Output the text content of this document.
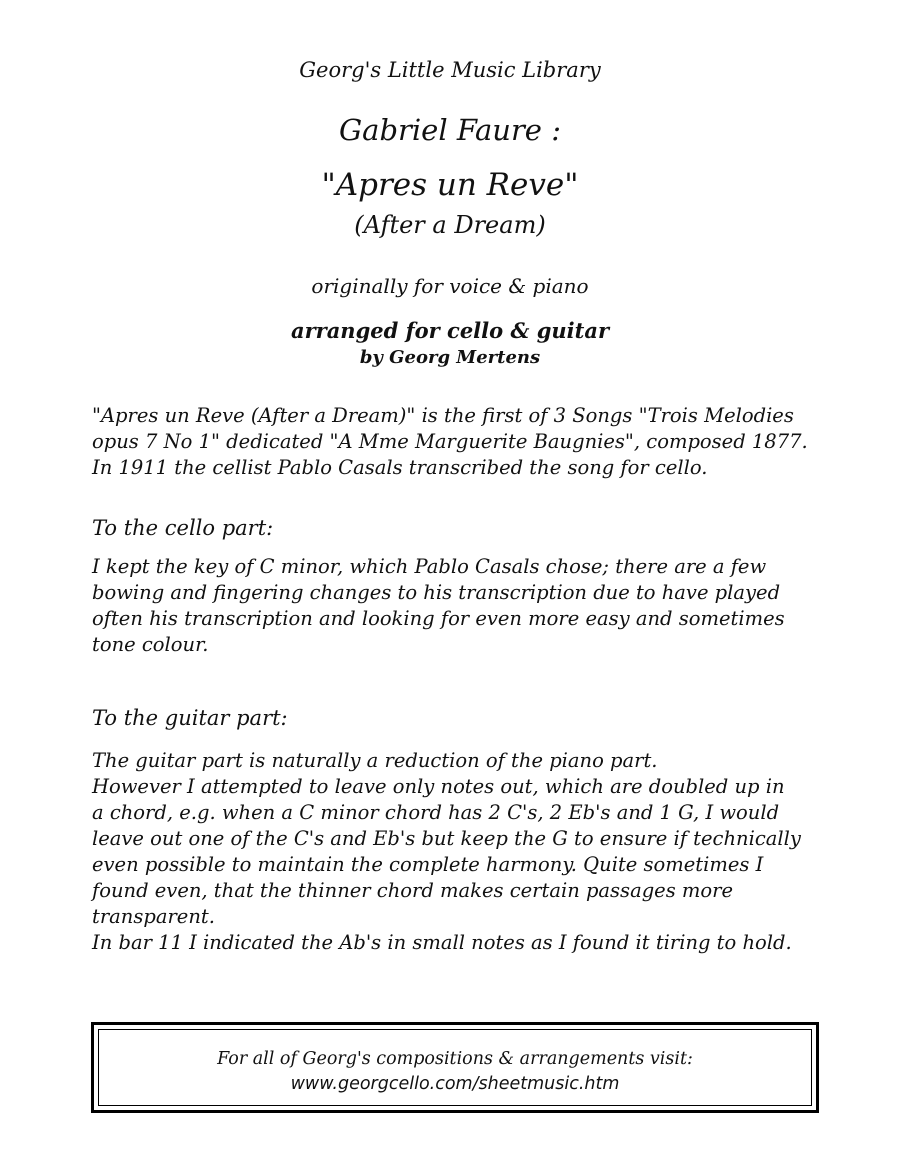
Georg's Little Music Library
Gabriel Faure :
"Apres un Reve"
(After a Dream)
originally for voice & piano
arranged for cello & guitar
by Georg Mertens
"Apres un Reve (After a Dream)" is the first of 3 Songs "Trois Melodies
opus 7 No 1" dedicated "A Mme Marguerite Baugnies", composed 1877.
In 1911 the cellist Pablo Casals transcribed the song for cello.
To the cello part:
I kept the key of C minor, which Pablo Casals chose; there are a few
bowing and fingering changes to his transcription due to have played
often his transcription and looking for even more easy and sometimes
tone colour.
To the guitar part:
The guitar part is naturally a reduction of the piano part.
However I attempted to leave only notes out, which are doubled up in
a chord, e.g. when a C minor chord has 2 C's, 2 Eb's and 1 G, I would
leave out one of the C's and Eb's but keep the G to ensure if technically
even possible to maintain the complete harmony. Quite sometimes I
found even, that the thinner chord makes certain passages more
transparent.
In bar 11 I indicated the Ab's in small notes as I found it tiring to hold.
For all of Georg's compositions & arrangements visit:
www.georgcello.com/sheetmusic.htm
